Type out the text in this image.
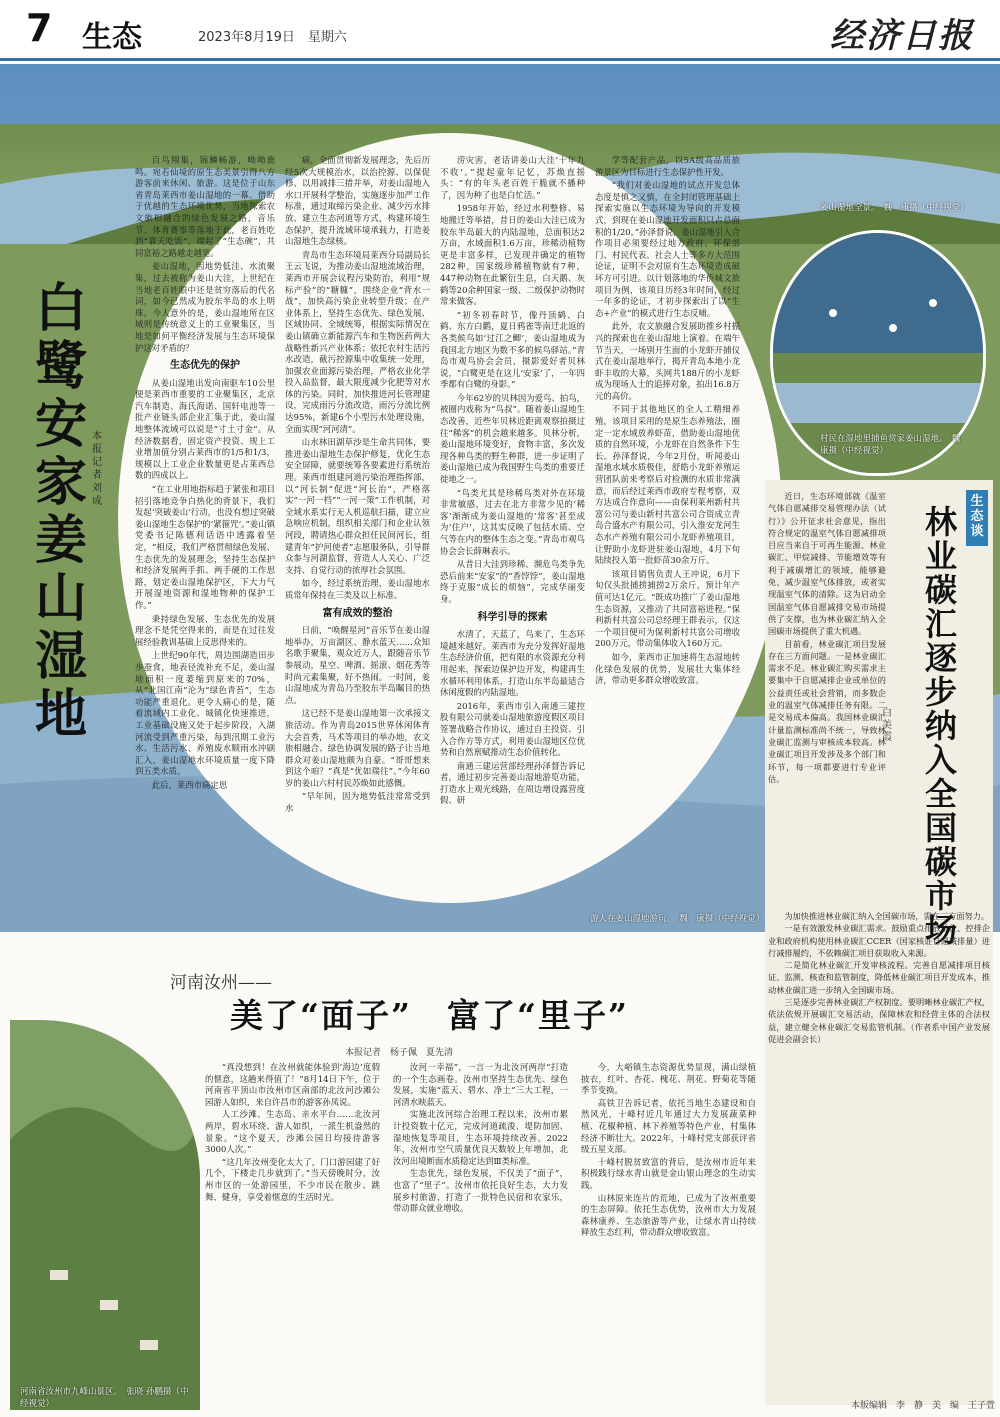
7 生态	2023年8月19日　星期六	经济日报
姜山湿地全景。　魏　康摄（中经视觉）
村民在湿地里捕鱼赏家姜山湿地。　魏　康摄（中经视觉）
白鹭安家姜山湿地
本报记者　刘　成

百鸟翔集，锦鳞畅游，呦呦鹿鸣。宛若仙境的原生态美景引得八方游客前来休闲、旅游。这是位于山东省青岛莱西市姜山湿地的一幕。借助于优越的生态环境优势，当地探索农文旅相融合的绿色发展之路，音乐节、体育赛事等落地于此，老百姓吃到“靠天吃饭”，端起了“生态碗”，共同富裕之路越走越宽。

姜山湿地，因地势低洼、水流聚集，过去被称为姜山大洼，上世纪在当地老百姓眼中还是贫穷落后的代名词，如今已然成为胶东半岛的水上明珠。今人意外的是，姜山湿地所在区域则是传统意义上的工业聚集区，当地是如何平衡经济发展与生态环境保护这对矛盾的？

生态优先的保护

从姜山湿地出发向南驱车10公里便是莱西市重要的工业聚集区，北京汽车制造、海氏海诺、国轩电池等一批产业链头部企业汇集于此，姜山湿地整体流域可以说是“寸土寸金”。从经济数据看，固定资产投资、规上工业增加值分别占莱西市的1/5和1/3，规模以上工业企业数量更是占莱西总数的四成以上。

“在工业用地指标趋于紧张和项目招引落地竞争白热化的背景下，我们发起‘突破姜山’行动，也没有想过突破姜山湿地生态保护的‘紧箍咒’。”姜山镇党委书记陈德利话语中透露着坚定，“相反，我们严格贯彻绿色发展、生态优先的发展理念，坚持生态保护和经济发展两手抓、两手硬的工作思路，划定姜山湿地保护区，下大力气开展湿地资源和湿地物种的保护工作。”

秉持绿色发展、生态优先的发展理念不是凭空得来的，而是在过往发展经验教训基础上反思得来的。

上世纪90年代，周边围湖造田步步蚕食，地表径流补充不足，姜山湿地面积一度萎缩到原来的70%，从“北国江南”沦为“绿色青苔”，生态功能严重退化。更令人痛心的是，随着流域内工业化、城镇化快速推进，工业基础设施又处于起步阶段，入湖河流受到严重污染，每到汛期工业污水、生活污水、养殖废水顺雨水冲刷汇入，姜山湿地水环境质量一度下降到五类水质。

此后，莱西市痛定思

痛，全面贯彻新发展理念，先后历经5次大规模治水，以治控源、以保促修、以用减排三措并举，对姜山湿地入水口开展科学整治，实施逐步加严工作标准，通过取缔污染企业、减少污水排放、建立生态河道等方式，构建环境生态保护，提升流域环境承载力，打造姜山湿地生态绿核。

青岛市生态环境局莱西分局副局长王云飞说，为推动姜山湿地流域治理，莱西市开展会议程污染防治，利用“规标产验”的“糖糠”，围绕企业“背水一战”，加快高污染企业转型升级；在产业体系上，坚持生态优先、绿色发展、区域协同、全域统筹，根据实际情况在姜山镇确立新能源汽车和生物医药两大战略性新兴产业体系；依托农村生活污水改造，截污控源集中收集统一处理，加强农业面源污染治理，严格农业化学投入品监督，最大限度减少化肥等对水体的污染。同时，加快推进河长管理建设，完成雨污分流改造，雨污分流比例达95%，新建6个小型污水处理设施，全面实现“河河清”。

山水林田湖草沙是生命共同体，要推进姜山湿地生态保护修复，优化生态安全屏障，就要统筹各要素进行系统治理。莱西市组建河道污染治理指挥部，以“河长制”促进“河长治”，严格落实“一河一档”“一河一策”工作机制，对全域水系实行无人机巡航扫描，建立应急响应机制，组织相关部门和企业认领河段，聘请热心群众担任民间河长，组建青年“护河使者”志愿服务队，引导群众参与河湖监督，营造人人关心、广泛支持、自觉行动的浓厚社会氛围。

如今，经过系统治理，姜山湿地水质常年保持在三类及以上标准。

富有成效的整治

日前，“唤醒星河”音乐节在姜山湿地举办，万亩湖区、静水蓝天……众知名歌手聚集，观众近万人，跟随音乐节参展动，星空、啤酒、摇滚、烟花秀等时尚元素集聚，好不热闹。一时间，姜山湿地成为青岛乃至胶东半岛瞩目的热点。

这已经不是姜山湿地第一次承接文旅活动。作为青岛2015世界休闲体育大会首秀，马术等项目的举办地，农文旅相融合、绿色协调发展的路子让当地群众对姜山湿地颇为自豪。“哥哥想来到这个咱？”真是“优如瑞往”。”今年60岁的姜山六村村民苏焕如此感慨。

“早年间，因为地势低洼常常受到水

涝灾害，老话讲姜山大洼‘十年九不收’。”提起童年记忆，苏焕直摇头：“有的年头老百姓干脆就不播种了，因为种了也是白忙活。”

1958年开始，经过水利整修、易地搬迁等举措，昔日的姜山大洼已成为胶东半岛最大的内陆湿地，总面积达2万亩，水域面积1.6万亩，珍稀动植物更是丰富多样，已发现并确定的植物282种，国家级珍稀植物就有7种，447种动物在此繁衍生息，白天鹅、灰鹤等20余种国家一级、二级保护动物时常来做客。

“初冬初春时节，像丹顶鹤、白鹤、东方白鹳，夏日鸦雀等南迁北返的各类候鸟如‘过江之鲫’，姜山湿地成为我国北方地区为数不多的候鸟驿站。”青岛市观鸟协会会员，摄影爱好者贝林说，“白鹭更是在这儿‘安家’了，一年四季都有白鹭的身影。”

今年62岁的贝林因为爱鸟、拍鸟，被圈内戏称为“鸟叔”。随着姜山湿地生态改善，近些年贝林近距离观察拍摄过往“稀客”的机会越来越多。贝林分析，姜山湿地环境变好，食物丰富，多次发现各种鸟类的野生种群，进一步证明了姜山湿地已成为我国野生鸟类的重要迁徙地之一。

“鸟类尤其是珍稀鸟类对外在环境非常敏感，过去在北方非常少见的‘稀客’渐渐成为姜山湿地的‘常客’甚至成为‘住户’，这其实反映了包括水质、空气等在内的整体生态之变。”青岛市观鸟协会会长薛琳表示。

从昔日大洼到珍稀、濒危鸟类争先恐后前来“安家”的“香饽饽”，姜山湿地终于克服“成长的烦恼”，完成华丽变身。

科学引导的探索

水清了，天蓝了，鸟来了，生态环境越来越好。莱西市为充分发挥好湿地生态经济价值，把有限的水资源充分利用起来，探索边保护边开发，构建再生水循环利用体系，打造山东半岛最适合休闲度假的内陆湿地。

2016年，莱西市引入南通三建控股有限公司就姜山湿地旅游度假区项目签署战略合作协议，通过自主投资、引入合作方等方式，利用姜山湿地区位优势和自然禀赋推动生态价值转化。

南通三建运营部经理孙泽督告诉记者，通过初步完善姜山湿地游览功能，打造水上观光线路，在周边增设露营度假、研

学等配套产品，以5A级高品质旅游景区为目标进行生态保护性开发。

“我们对姜山湿地的试点开发总体态度是慎之又慎，在全封闭管理基础上探索实施以生态环境为导向的开发模式，到现在姜山湿地开发面积只占总面积的1/20。”孙泽督说，姜山湿地引入合作项目必须要经过地方政府、环保部门、村民代表、社会人士等多方大范围论证，证明不会对原有生态环境造成破坏方可引进。以计划落地的华侨城文旅项目为例，该项目历经3年时间，经过一年多的论证，才初步探索出了以“生态+产业”的模式进行生态反哺。

此外，农文旅融合发展助推乡村振兴的探索也在姜山湿地上演着。在端午节当天，一场别开生面的小龙虾开捕仪式在姜山湿地举行，揭开青岛本地小龙虾丰收的大幕，头网共188斤的小龙虾成为现场人士的追捧对象，拍出16.8万元的高价。

不同于其他地区的全人工精细养殖，该项目采用的是原生态养殖法，圈定一定水域放养虾苗，借助姜山湿地优质的自然环境，小龙虾在自然条件下生长。孙泽督说，今年2月份，听闻姜山湿地水域水质极佳，舒皓小龙虾养殖运营团队前来考察后对检测的水质非常满意，而后经过莱西市政府专程考察，双方达成合作意向——由保利莱州新村共富公司与姜山新村共富公司合资成立青岛合盛水产有限公司，引入淮安龙河生态水产养殖有限公司小龙虾养殖项目，让野助小龙虾进驻姜山湿地，4月下旬陆续投入第一批虾苗30余万斤。

该项目销售负责人王冲说，6月下旬仅头批捕捞捕捞2万余斤，预计年产值可达1亿元。“既成功推广了姜山湿地生态资源，又推动了共同富裕进程。”保利新村共富公司总经理王群表示，仅这一个项目便可为保利新村共富公司增收200万元，带动集体收入160万元。

如今，莱西市正加速将生态湿地转化绿色发展的优势，发展壮大集体经济，带动更多群众增收致富。

游人在姜山湿地游玩。　魏　康摄（中经视觉）
生态谈
林业碳汇逐步纳入全国碳市场
白美霞

近日，生态环境部就《温室气体自愿减排交易管理办法（试行）》公开征求社会意见，指出符合规定的温室气体自愿减排项目应当来自于可再生能源、林业碳汇、甲烷减排、节能增效等有利于减碳增汇的领域，能够避免、减少温室气体排放，或者实现温室气体的清除。这为启动全国温室气体自愿减排交易市场提供了支撑，也为林业碳汇纳入全国碳市场提供了重大机遇。

目前看，林业碳汇项目发展存在三方面问题。一是林业碳汇需求不足。林业碳汇购买需求主要集中于自愿减排企业或单位的公益责任或社会营销，而多数企业的温室气体减排任务有限。二是交易成本偏高。我国林业碳汇计量监测标准尚不统一，导致林业碳汇监测与审核成本较高。林业碳汇项目开发涉及多个部门和环节，每一项都要进行专业评估。

为加快推进林业碳汇纳入全国碳市场，需在三方面努力。

一是有效激发林业碳汇需求。鼓励重点排放单位、控排企业和政府机构使用林业碳汇CCER（国家核证自愿减排量）进行减排履约，不依赖碳汇项目获取收入来源。

二是简化林业碳汇开发审核流程。完善自愿减排项目核证、监测、核查和监管制度，降低林业碳汇项目开发成本，推动林业碳汇进一步纳入全国碳市场。

三是逐步完善林业碳汇产权制度。要明晰林业碳汇产权，依法依规开展碳汇交易活动，保障林农和经营主体的合法权益，建立健全林业碳汇交易监管机制。（作者系中国产业发展促进会副会长）

河南汝州——
美了“面子”　富了“里子”
本报记者　杨子佩　夏先清
河南省汝州市九峰山景区。　张晓 孙鹏摄（中经视觉）

“真没想到！在汝州就能体验到‘海边’度假的惬意，这趟来得值了！”8月14日下午，位于河南省平顶山市汝州市区南部的北汝河沙滩公园游人如织，来自许昌市的游客孙凤说。

人工沙滩、生态岛、亲水平台……北汝河两岸，碧水环绕、游人如织，一派生机盎然的景象。“这个夏天，沙滩公园日均接待游客3000人次。”

“这几年汝州变化太大了，门口游园建了好几个，下楼走几步就到了。”当天傍晚时分，汝州市区的一处游园里，不少市民在散步、跳舞、健身，享受着惬意的生活时光。

汝河一幸福”，一言一为北汝河两岸“打造的一个生态画卷。汝州市坚持生态优先、绿色发展，实施“蓝天、碧水、净土”三大工程，一河清水映蓝天。

实施北汝河综合治理工程以来，汝州市累计投资数十亿元，完成河道疏浚、堤防加固、湿地恢复等项目，生态环境持续改善。2022年，汝州市空气质量优良天数较上年增加，北汝河出境断面水质稳定达到Ⅲ类标准。

生态优先，绿色发展，不仅美了“面子”，也富了“里子”。汝州市依托良好生态，大力发展乡村旅游，打造了一批特色民宿和农家乐，带动群众就业增收。

今，大峪镇生态资源优势显现，满山绿植披衣，红叶、杏花、槐花、荆花、野菊花等随季节变换。

高铁卫告诉记者，依托当地生态建设和自然风光，十峰村近几年通过大力发展蔬菜种植、花椒种植、林下养殖等特色产业，村集体经济不断壮大。2022年，十峰村党支部获评省级五星支部。

十峰村脱贫致富的背后，是汝州市近年来积极践行绿水青山就是金山银山理念的生动实践。

山林原来连片的荒地，已成为了汝州重要的生态屏障。依托生态优势，汝州市大力发展森林康养、生态旅游等产业，让绿水青山持续释放生态红利，带动群众增收致富。

本版编辑　李　静　美　编　王子萱
